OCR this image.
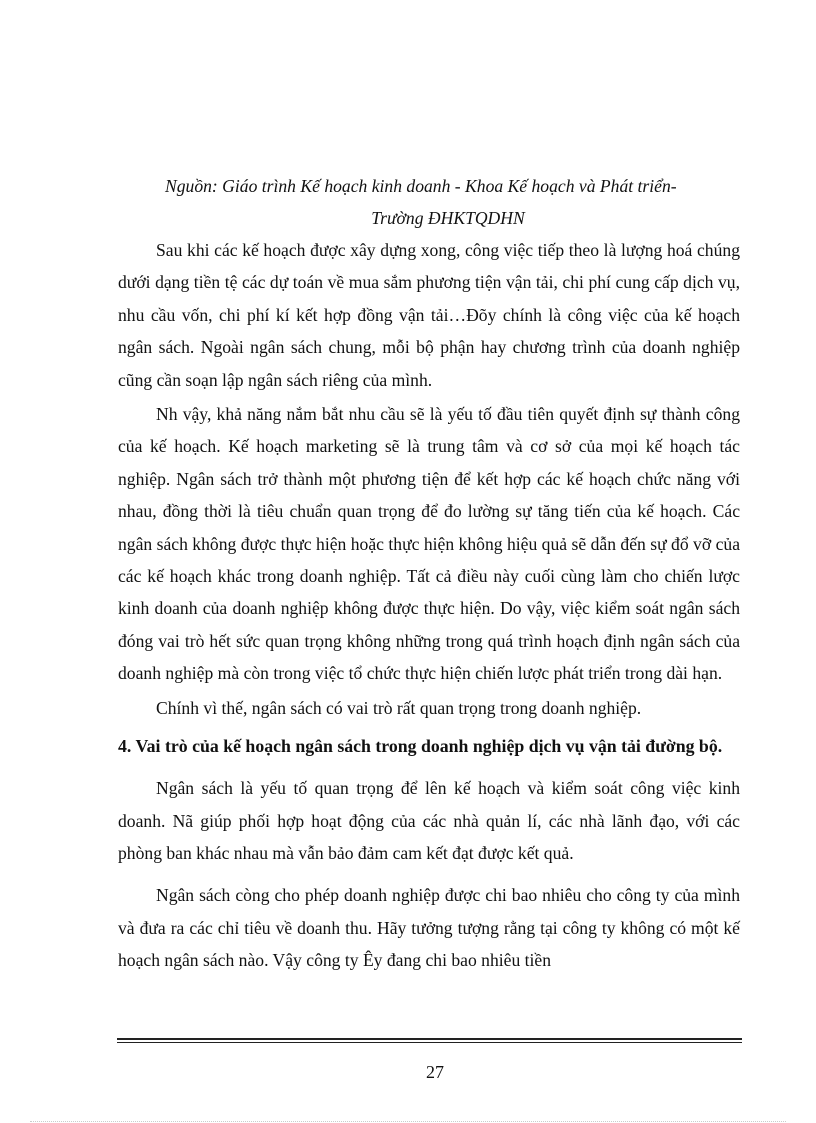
Nguồn: Giáo trình Kế hoạch kinh doanh - Khoa Kế hoạch và Phát triển-
Trường ĐHKTQDHN

Sau khi các kế hoạch được xây dựng xong, công việc tiếp theo là lượng hoá chúng dưới dạng tiền tệ các dự toán về mua sắm phương tiện vận tải, chi phí cung cấp dịch vụ, nhu cầu vốn, chi phí kí kết hợp đồng vận tải…Đõy chính là công việc của kế hoạch ngân sách. Ngoài ngân sách chung, mỗi bộ phận hay chương trình của doanh nghiệp cũng cần soạn lập ngân sách riêng của mình.

Nh vậy, khả năng nắm bắt nhu cầu sẽ là yếu tố đầu tiên quyết định sự thành công của kế hoạch. Kế hoạch marketing sẽ là trung tâm và cơ sở của mọi kế hoạch tác nghiệp. Ngân sách trở thành một phương tiện để kết hợp các kế hoạch chức năng với nhau, đồng thời là tiêu chuẩn quan trọng để đo lường sự tăng tiến của kế hoạch. Các ngân sách không được thực hiện hoặc thực hiện không hiệu quả sẽ dẫn đến sự đổ vỡ của các kế hoạch khác trong doanh nghiệp. Tất cả điều này cuối cùng làm cho chiến lược kinh doanh của doanh nghiệp không được thực hiện. Do vậy, việc kiểm soát ngân sách đóng vai trò hết sức quan trọng không những trong quá trình hoạch định ngân sách của doanh nghiệp mà còn trong việc tổ chức thực hiện chiến lược phát triển trong dài hạn.

Chính vì thế, ngân sách có vai trò rất quan trọng trong doanh nghiệp.

4. Vai trò của kế hoạch ngân sách trong doanh nghiệp dịch vụ vận tải đường bộ.

Ngân sách là yếu tố quan trọng để lên kế hoạch và kiểm soát công việc kinh doanh. Nã giúp phối hợp hoạt động của các nhà quản lí, các nhà lãnh đạo, với các phòng ban khác nhau mà vẫn bảo đảm cam kết đạt được kết quả.

Ngân sách còng cho phép doanh nghiệp được chi bao nhiêu cho công ty của mình và đưa ra các chỉ tiêu về doanh thu. Hãy tưởng tượng rằng tại công ty không có một kế hoạch ngân sách nào. Vậy công ty Êy đang chi bao nhiêu tiền

27
